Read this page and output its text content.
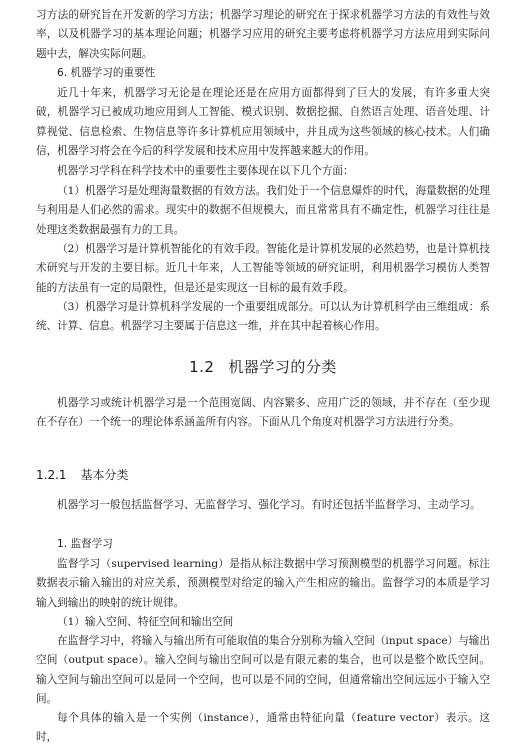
习方法的研究旨在开发新的学习方法；机器学习理论的研究在于探求机器学习方法的有效性与效率，以及机器学习的基本理论问题；机器学习应用的研究主要考虑将机器学习方法应用到实际问题中去，解决实际问题。

6. 机器学习的重要性

近几十年来，机器学习无论是在理论还是在应用方面都得到了巨大的发展，有许多重大突破，机器学习已被成功地应用到人工智能、模式识别、数据挖掘、自然语言处理、语音处理、计算视觉、信息检索、生物信息等许多计算机应用领域中，并且成为这些领域的核心技术。人们确信，机器学习将会在今后的科学发展和技术应用中发挥越来越大的作用。

机器学习学科在科学技术中的重要性主要体现在以下几个方面：

（1）机器学习是处理海量数据的有效方法。我们处于一个信息爆炸的时代，海量数据的处理与利用是人们必然的需求。现实中的数据不但规模大，而且常常具有不确定性，机器学习往往是处理这类数据最强有力的工具。

（2）机器学习是计算机智能化的有效手段。智能化是计算机发展的必然趋势，也是计算机技术研究与开发的主要目标。近几十年来，人工智能等领域的研究证明，利用机器学习模仿人类智能的方法虽有一定的局限性，但是还是实现这一目标的最有效手段。

（3）机器学习是计算机科学发展的一个重要组成部分。可以认为计算机科学由三维组成：系统、计算、信息。机器学习主要属于信息这一维，并在其中起着核心作用。

1.2 机器学习的分类

机器学习或统计机器学习是一个范围宽阔、内容繁多、应用广泛的领域，并不存在（至少现在不存在）一个统一的理论体系涵盖所有内容。下面从几个角度对机器学习方法进行分类。

1.2.1 基本分类

机器学习一般包括监督学习、无监督学习、强化学习。有时还包括半监督学习、主动学习。

1. 监督学习

监督学习（supervised learning）是指从标注数据中学习预测模型的机器学习问题。标注数据表示输入输出的对应关系，预测模型对给定的输入产生相应的输出。监督学习的本质是学习输入到输出的映射的统计规律。

（1）输入空间、特征空间和输出空间

在监督学习中，将输入与输出所有可能取值的集合分别称为输入空间（input space）与输出空间（output space）。输入空间与输出空间可以是有限元素的集合，也可以是整个欧氏空间。输入空间与输出空间可以是同一个空间，也可以是不同的空间，但通常输出空间远远小于输入空间。

每个具体的输入是一个实例（instance），通常由特征向量（feature vector）表示。这时，
